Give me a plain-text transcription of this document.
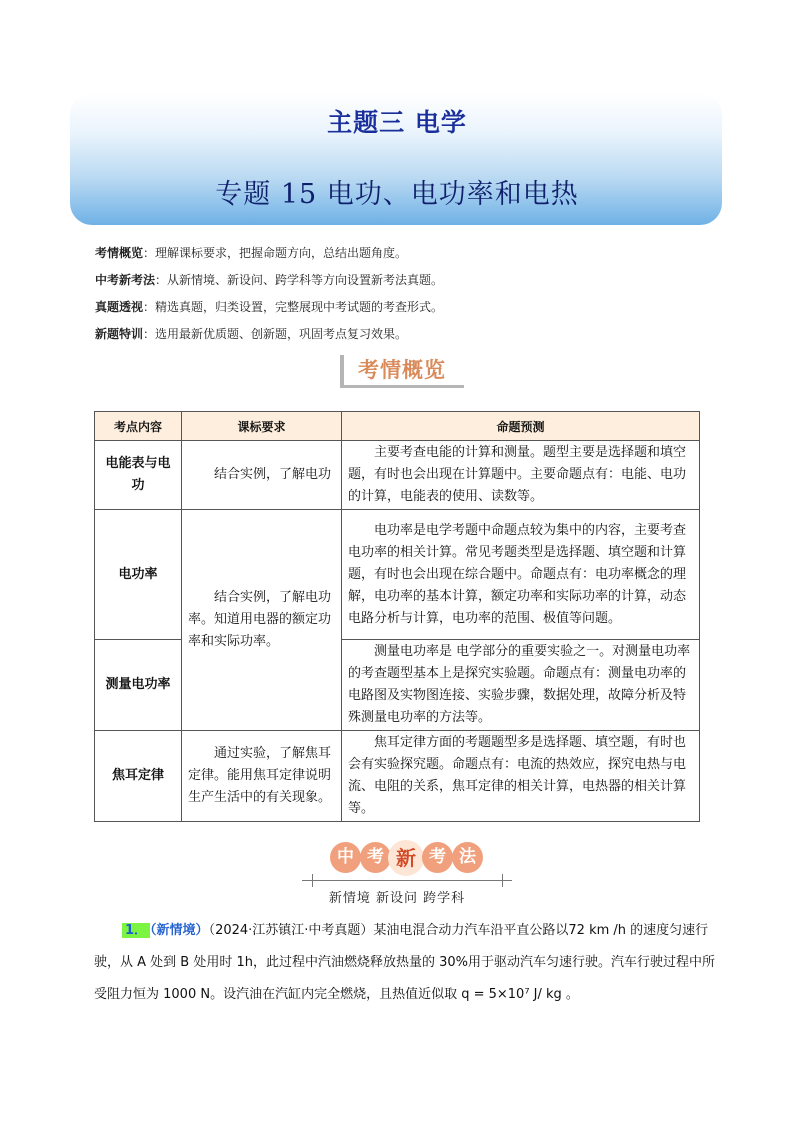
主题三 电学
专题 15 电功、电功率和电热
考情概览：理解课标要求，把握命题方向，总结出题角度。
中考新考法：从新情境、新设问、跨学科等方向设置新考法真题。
真题透视：精选真题，归类设置，完整展现中考试题的考查形式。
新题特训：选用最新优质题、创新题，巩固考点复习效果。
考情概览
考点内容	课标要求	命题预测
电能表与电功	结合实例，了解电功	主要考查电能的计算和测量。题型主要是选择题和填空题，有时也会出现在计算题中。主要命题点有：电能、电功的计算，电能表的使用、读数等。
电功率	结合实例，了解电功率。知道用电器的额定功率和实际功率。	电功率是电学考题中命题点较为集中的内容，主要考查电功率的相关计算。常见考题类型是选择题、填空题和计算题，有时也会出现在综合题中。命题点有：电功率概念的理解，电功率的基本计算，额定功率和实际功率的计算，动态电路分析与计算，电功率的范围、极值等问题。
测量电功率		测量电功率是 电学部分的重要实验之一。对测量电功率的考查题型基本上是探究实验题。命题点有：测量电功率的电路图及实物图连接、实验步骤，数据处理，故障分析及特殊测量电功率的方法等。
焦耳定律	通过实验，了解焦耳定律。能用焦耳定律说明生产生活中的有关现象。	焦耳定律方面的考题题型多是选择题、填空题，有时也会有实验探究题。命题点有：电流的热效应，探究电热与电流、电阻的关系，焦耳定律的相关计算，电热器的相关计算等。
中 考 新 考 法
新情境 新设问 跨学科
1． （新情境）（2024·江苏镇江·中考真题）某油电混合动力汽车沿平直公路以72 km /h 的速度匀速行驶，从 A 处到 B 处用时 1h，此过程中汽油燃烧释放热量的 30%用于驱动汽车匀速行驶。汽车行驶过程中所受阻力恒为 1000 N。设汽油在汽缸内完全燃烧，且热值近似取 q = 5×10⁷ J/ kg 。
